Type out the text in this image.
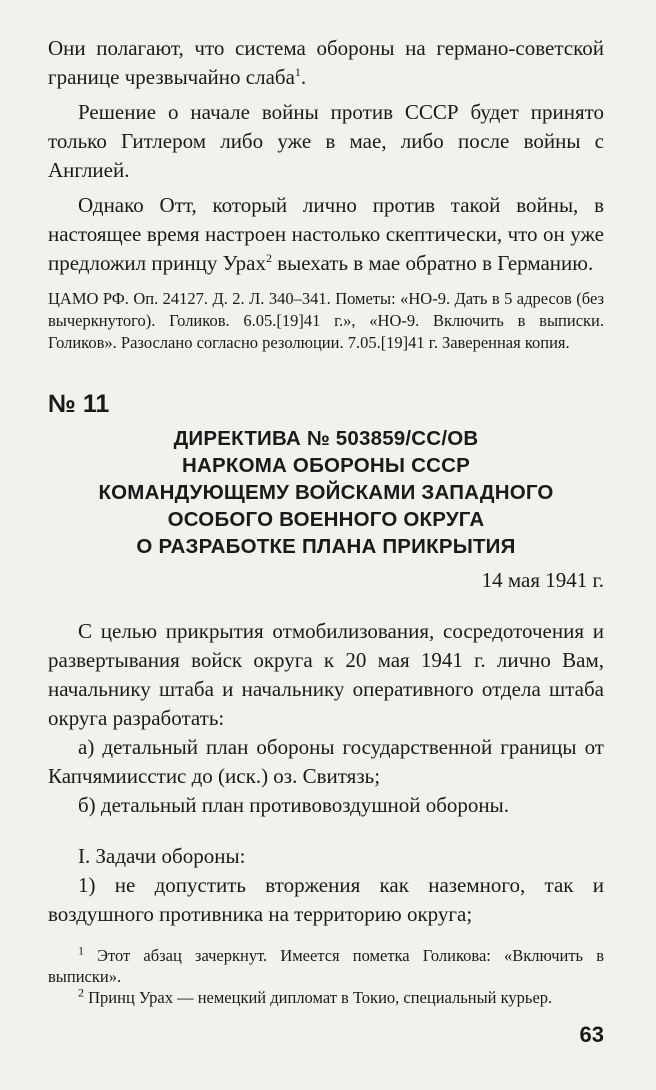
Они полагают, что система обороны на германо-советской границе чрезвычайно слаба$^1$.

Решение о начале войны против СССР будет принято только Гитлером либо уже в мае, либо после войны с Англией.

Однако Отт, который лично против такой войны, в настоящее время настроен настолько скептически, что он уже предложил принцу Урах$^2$ выехать в мае обратно в Германию.

ЦАМО РФ. Оп. 24127. Д. 2. Л. 340–341. Пометы: «НО-9. Дать в 5 адресов (без вычеркнутого). Голиков. 6.05.[19]41 г.», «НО-9. Включить в выписки. Голиков». Разослано согласно резолюции. 7.05.[19]41 г. Заверенная копия.

№ 11
ДИРЕКТИВА № 503859/СС/ОВ
НАРКОМА ОБОРОНЫ СССР
КОМАНДУЮЩЕМУ ВОЙСКАМИ ЗАПАДНОГО
ОСОБОГО ВОЕННОГО ОКРУГА
О РАЗРАБОТКЕ ПЛАНА ПРИКРЫТИЯ
14 мая 1941 г.

С целью прикрытия отмобилизования, сосредоточения и развертывания войск округа к 20 мая 1941 г. лично Вам, начальнику штаба и начальнику оперативного отдела штаба округа разработать:

а) детальный план обороны государственной границы от Капчямиисстис до (иск.) оз. Свитязь;

б) детальный план противовоздушной обороны.

I. Задачи обороны:

1) не допустить вторжения как наземного, так и воздушного противника на территорию округа;

$^1$ Этот абзац зачеркнут. Имеется пометка Голикова: «Включить в выписки».

$^2$ Принц Урах — немецкий дипломат в Токио, специальный курьер.

63
